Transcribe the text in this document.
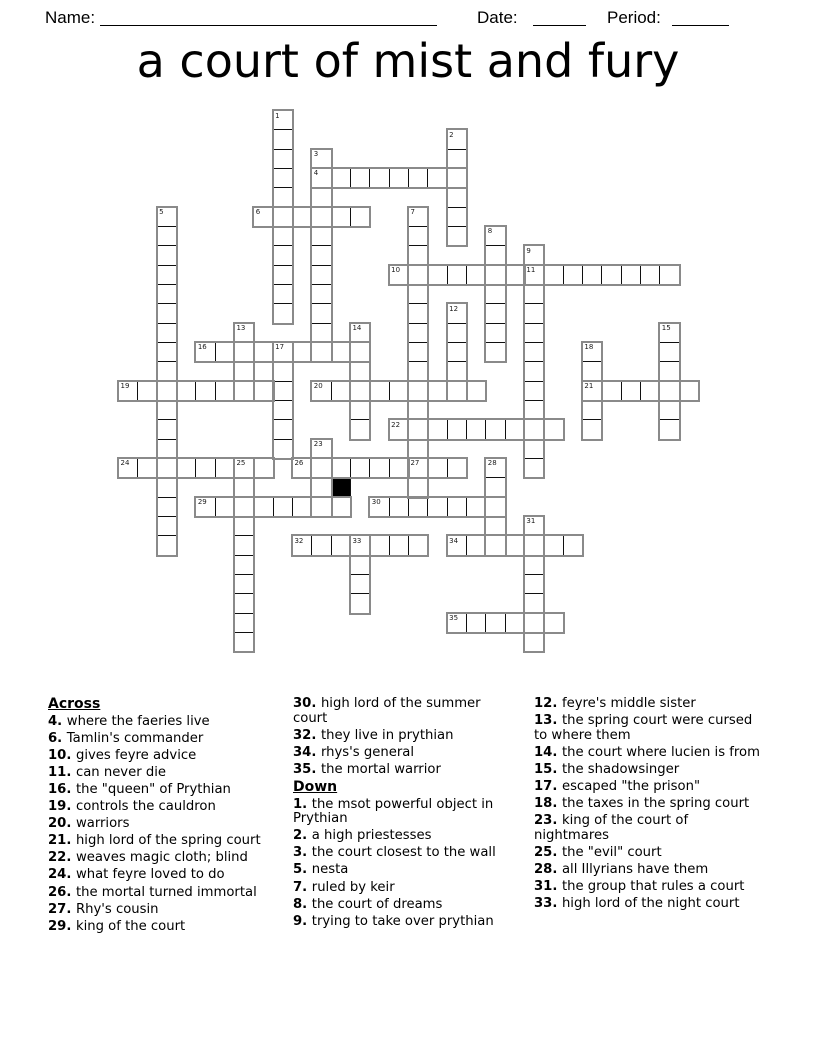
Name:	Date:	Period:
a court of mist and fury
4
6
10	11
16	17
19	20	21
22
24	25	26	27
29	30
32	33	34
35
1
2
3
5	7
8
9
12
13	14	15
18
23
28
31
Across
4. where the faeries live
6. Tamlin's commander
10. gives feyre advice
11. can never die
16. the "queen" of Prythian
19. controls the cauldron
20. warriors
21. high lord of the spring court
22. weaves magic cloth; blind
24. what feyre loved to do
26. the mortal turned immortal
27. Rhy's cousin
29. king of the court
30. high lord of the summer court
32. they live in prythian
34. rhys's general
35. the mortal warrior
Down
1. the msot powerful object in Prythian
2. a high priestesses
3. the court closest to the wall
5. nesta
7. ruled by keir
8. the court of dreams
9. trying to take over prythian
12. feyre's middle sister
13. the spring court were cursed to where them
14. the court where lucien is from
15. the shadowsinger
17. escaped "the prison"
18. the taxes in the spring court
23. king of the court of nightmares
25. the "evil" court
28. all Illyrians have them
31. the group that rules a court
33. high lord of the night court
